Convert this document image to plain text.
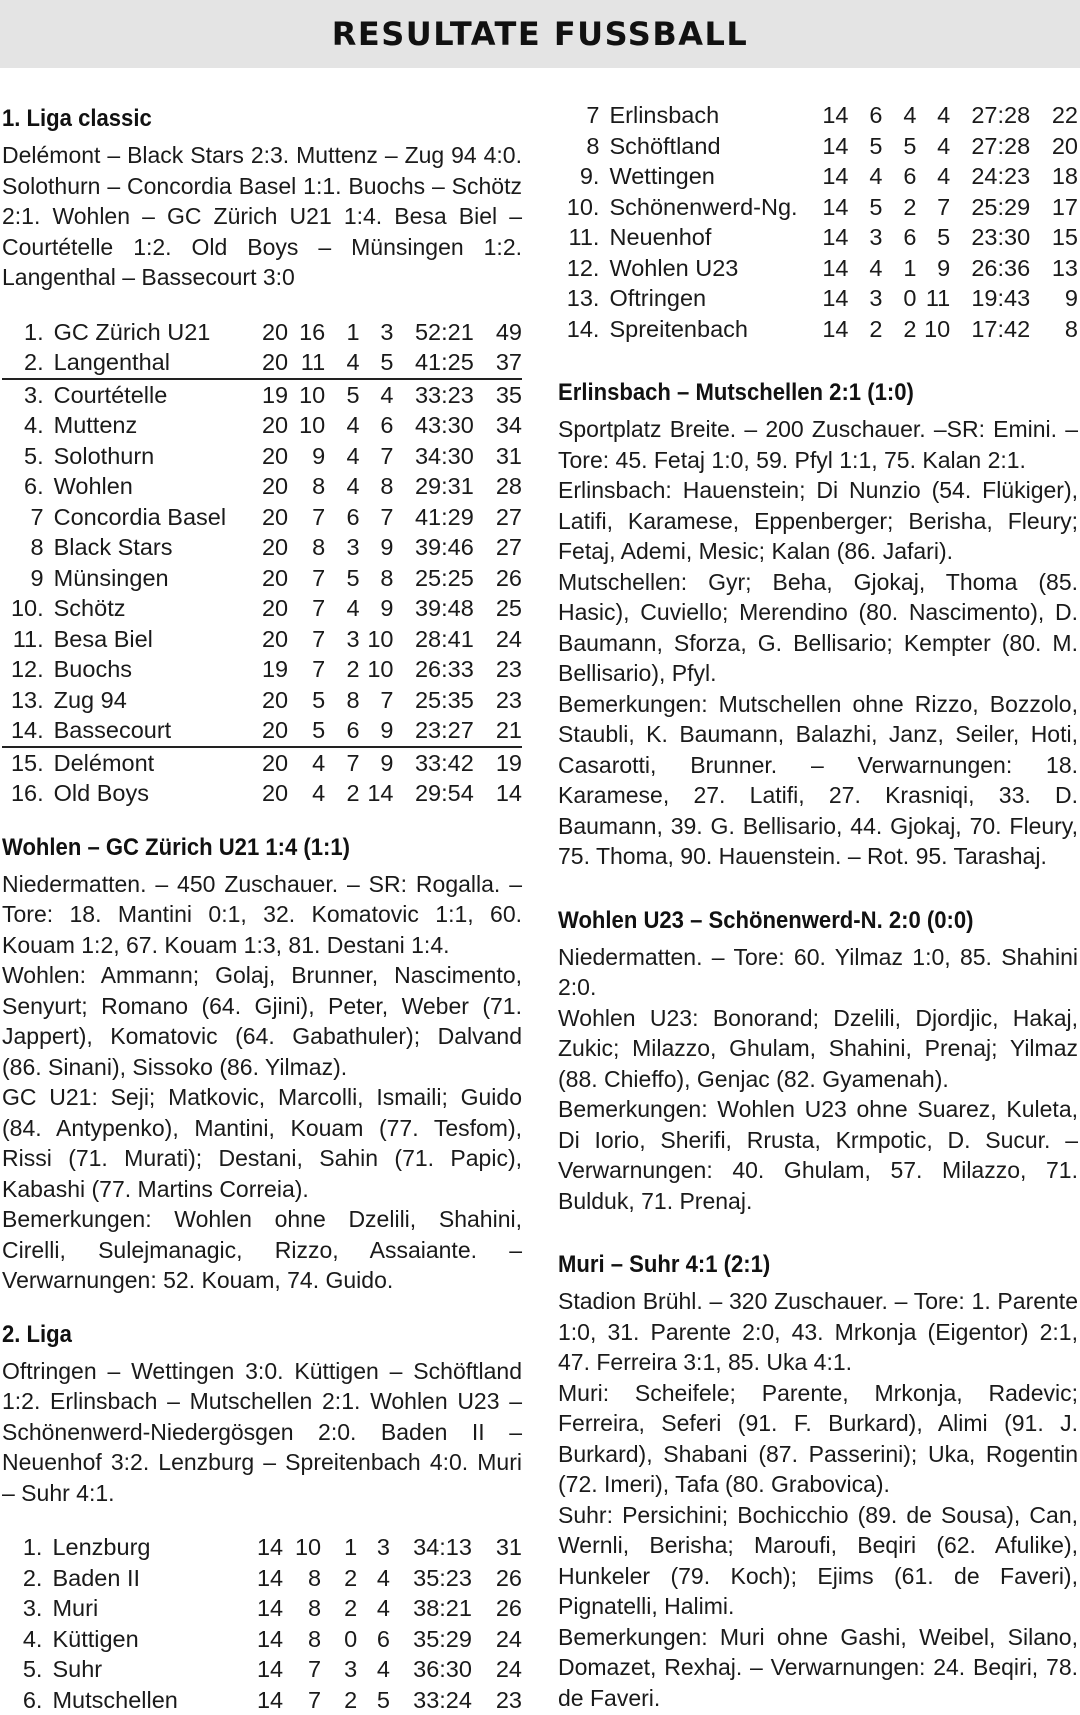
RESULTATE FUSSBALL
1. Liga classic

Delémont – Black Stars 2:3. Muttenz – Zug 94 4:0. Solothurn – Concordia Basel 1:1. Buochs – Schötz 2:1. Wohlen – GC Zürich U21 1:4. Besa Biel – Courtételle 1:2. Old Boys – Münsingen 1:2. Langenthal – Bassecourt 3:0

1.	GC Zürich U21	20	16	1	3	52:21	49
2.	Langenthal	20	11	4	5	41:25	37
3.	Courtételle	19	10	5	4	33:23	35
4.	Muttenz	20	10	4	6	43:30	34
5.	Solothurn	20	9	4	7	34:30	31
6.	Wohlen	20	8	4	8	29:31	28
7	Concordia Basel	20	7	6	7	41:29	27
8	Black Stars	20	8	3	9	39:46	27
9	Münsingen	20	7	5	8	25:25	26
10.	Schötz	20	7	4	9	39:48	25
11.	Besa Biel	20	7	3	10	28:41	24
12.	Buochs	19	7	2	10	26:33	23
13.	Zug 94	20	5	8	7	25:35	23
14.	Bassecourt	20	5	6	9	23:27	21
15.	Delémont	20	4	7	9	33:42	19
16.	Old Boys	20	4	2	14	29:54	14
Wohlen – GC Zürich U21 1:4 (1:1)

Niedermatten. – 450 Zuschauer. – SR: Rogalla. – Tore: 18. Mantini 0:1, 32. Komatovic 1:1, 60. Kouam 1:2, 67. Kouam 1:3, 81. Destani 1:4.

Wohlen: Ammann; Golaj, Brunner, Nascimento, Senyurt; Romano (64. Gjini), Peter, Weber (71. Jappert), Komatovic (64. Gabathuler); Dalvand (86. Sinani), Sissoko (86. Yilmaz).

GC U21: Seji; Matkovic, Marcolli, Ismaili; Guido (84. Antypenko), Mantini, Kouam (77. Tesfom), Rissi (71. Murati); Destani, Sahin (71. Papic), Kabashi (77. Martins Correia).

Bemerkungen: Wohlen ohne Dzelili, Shahini, Cirelli, Sulejmanagic, Rizzo, Assaiante. – Verwarnungen: 52. Kouam, 74. Guido.

2. Liga

Oftringen – Wettingen 3:0. Küttigen – Schöftland 1:2. Erlinsbach – Mutschellen 2:1. Wohlen U23 – Schönenwerd-Niedergösgen 2:0. Baden II – Neuenhof 3:2. Lenzburg – Spreitenbach 4:0. Muri – Suhr 4:1.

1.	Lenzburg	14	10	1	3	34:13	31
2.	Baden II	14	8	2	4	35:23	26
3.	Muri	14	8	2	4	38:21	26
4.	Küttigen	14	8	0	6	35:29	24
5.	Suhr	14	7	3	4	36:30	24
6.	Mutschellen	14	7	2	5	33:24	23
7	Erlinsbach	14	6	4	4	27:28	22
8	Schöftland	14	5	5	4	27:28	20
9.	Wettingen	14	4	6	4	24:23	18
10.	Schönenwerd-Ng.	14	5	2	7	25:29	17
11.	Neuenhof	14	3	6	5	23:30	15
12.	Wohlen U23	14	4	1	9	26:36	13
13.	Oftringen	14	3	0	11	19:43	9
14.	Spreitenbach	14	2	2	10	17:42	8
Erlinsbach – Mutschellen 2:1 (1:0)

Sportplatz Breite. – 200 Zuschauer. –SR: Emini. – Tore: 45. Fetaj 1:0, 59. Pfyl 1:1, 75. Kalan 2:1.

Erlinsbach: Hauenstein; Di Nunzio (54. Flükiger), Latifi, Karamese, Eppenberger; Berisha, Fleury; Fetaj, Ademi, Mesic; Kalan (86. Jafari).

Mutschellen: Gyr; Beha, Gjokaj, Thoma (85. Hasic), Cuviello; Merendino (80. Nascimento), D. Baumann, Sforza, G. Bellisario; Kempter (80. M. Bellisario), Pfyl.

Bemerkungen: Mutschellen ohne Rizzo, Bozzolo, Staubli, K. Baumann, Balazhi, Janz, Seiler, Hoti, Casarotti, Brunner. – Verwarnungen: 18. Karamese, 27. Latifi, 27. Krasniqi, 33. D. Baumann, 39. G. Bellisario, 44. Gjokaj, 70. Fleury, 75. Thoma, 90. Hauenstein. – Rot. 95. Tarashaj.

Wohlen U23 – Schönenwerd-N. 2:0 (0:0)

Niedermatten. – Tore: 60. Yilmaz 1:0, 85. Shahini 2:0.

Wohlen U23: Bonorand; Dzelili, Djordjic, Hakaj, Zukic; Milazzo, Ghulam, Shahini, Prenaj; Yilmaz (88. Chieffo), Genjac (82. Gyamenah).

Bemerkungen: Wohlen U23 ohne Suarez, Kuleta, Di Iorio, Sherifi, Rrusta, Krmpotic, D. Sucur. – Verwarnungen: 40. Ghulam, 57. Milazzo, 71. Bulduk, 71. Prenaj.

Muri – Suhr 4:1 (2:1)

Stadion Brühl. – 320 Zuschauer. – Tore: 1. Parente 1:0, 31. Parente 2:0, 43. Mrkonja (Eigentor) 2:1, 47. Ferreira 3:1, 85. Uka 4:1.

Muri: Scheifele; Parente, Mrkonja, Radevic; Ferreira, Seferi (91. F. Burkard), Alimi (91. J. Burkard), Shabani (87. Passerini); Uka, Rogentin (72. Imeri), Tafa (80. Grabovica).

Suhr: Persichini; Bochicchio (89. de Sousa), Can, Wernli, Berisha; Maroufi, Beqiri (62. Afulike), Hunkeler (79. Koch); Ejims (61. de Faveri), Pignatelli, Halimi.

Bemerkungen: Muri ohne Gashi, Weibel, Silano, Domazet, Rexhaj. – Verwarnungen: 24. Beqiri, 78. de Faveri.
